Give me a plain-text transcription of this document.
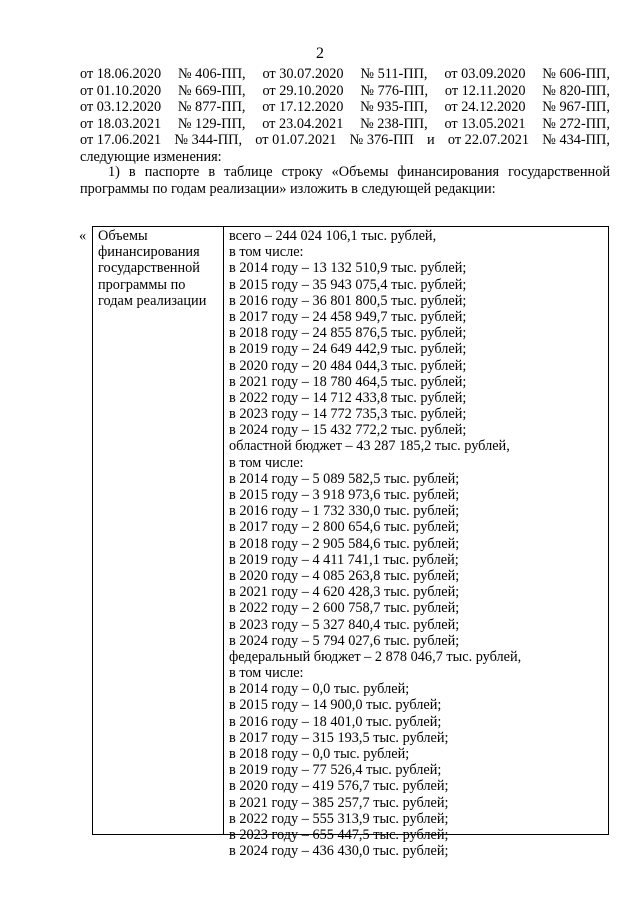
2
от 18.06.2020 № 406-ПП, от 30.07.2020 № 511-ПП, от 03.09.2020 № 606-ПП,
от 01.10.2020 № 669-ПП, от 29.10.2020 № 776-ПП, от 12.11.2020 № 820-ПП,
от 03.12.2020 № 877-ПП, от 17.12.2020 № 935-ПП, от 24.12.2020 № 967-ПП,
от 18.03.2021 № 129-ПП, от 23.04.2021 № 238-ПП, от 13.05.2021 № 272-ПП,
от 17.06.2021 № 344-ПП, от 01.07.2021 № 376-ПП и от 22.07.2021 № 434-ПП,
следующие изменения:
1) в паспорте в таблице строку «Объемы финансирования государственной
программы по годам реализации» изложить в следующей редакции:
« Объемы
финансирования
государственной
программы по
годам реализации
всего – 244 024 106,1 тыс. рублей,
в том числе:
в 2014 году – 13 132 510,9 тыс. рублей;
в 2015 году – 35 943 075,4 тыс. рублей;
в 2016 году – 36 801 800,5 тыс. рублей;
в 2017 году – 24 458 949,7 тыс. рублей;
в 2018 году – 24 855 876,5 тыс. рублей;
в 2019 году – 24 649 442,9 тыс. рублей;
в 2020 году – 20 484 044,3 тыс. рублей;
в 2021 году – 18 780 464,5 тыс. рублей;
в 2022 году – 14 712 433,8 тыс. рублей;
в 2023 году – 14 772 735,3 тыс. рублей;
в 2024 году – 15 432 772,2 тыс. рублей;
областной бюджет – 43 287 185,2 тыс. рублей,
в том числе:
в 2014 году – 5 089 582,5 тыс. рублей;
в 2015 году – 3 918 973,6 тыс. рублей;
в 2016 году – 1 732 330,0 тыс. рублей;
в 2017 году – 2 800 654,6 тыс. рублей;
в 2018 году – 2 905 584,6 тыс. рублей;
в 2019 году – 4 411 741,1 тыс. рублей;
в 2020 году – 4 085 263,8 тыс. рублей;
в 2021 году – 4 620 428,3 тыс. рублей;
в 2022 году – 2 600 758,7 тыс. рублей;
в 2023 году – 5 327 840,4 тыс. рублей;
в 2024 году – 5 794 027,6 тыс. рублей;
федеральный бюджет – 2 878 046,7 тыс. рублей,
в том числе:
в 2014 году – 0,0 тыс. рублей;
в 2015 году – 14 900,0 тыс. рублей;
в 2016 году – 18 401,0 тыс. рублей;
в 2017 году – 315 193,5 тыс. рублей;
в 2018 году – 0,0 тыс. рублей;
в 2019 году – 77 526,4 тыс. рублей;
в 2020 году – 419 576,7 тыс. рублей;
в 2021 году – 385 257,7 тыс. рублей;
в 2022 году – 555 313,9 тыс. рублей;
в 2023 году – 655 447,5 тыс. рублей;
в 2024 году – 436 430,0 тыс. рублей;
